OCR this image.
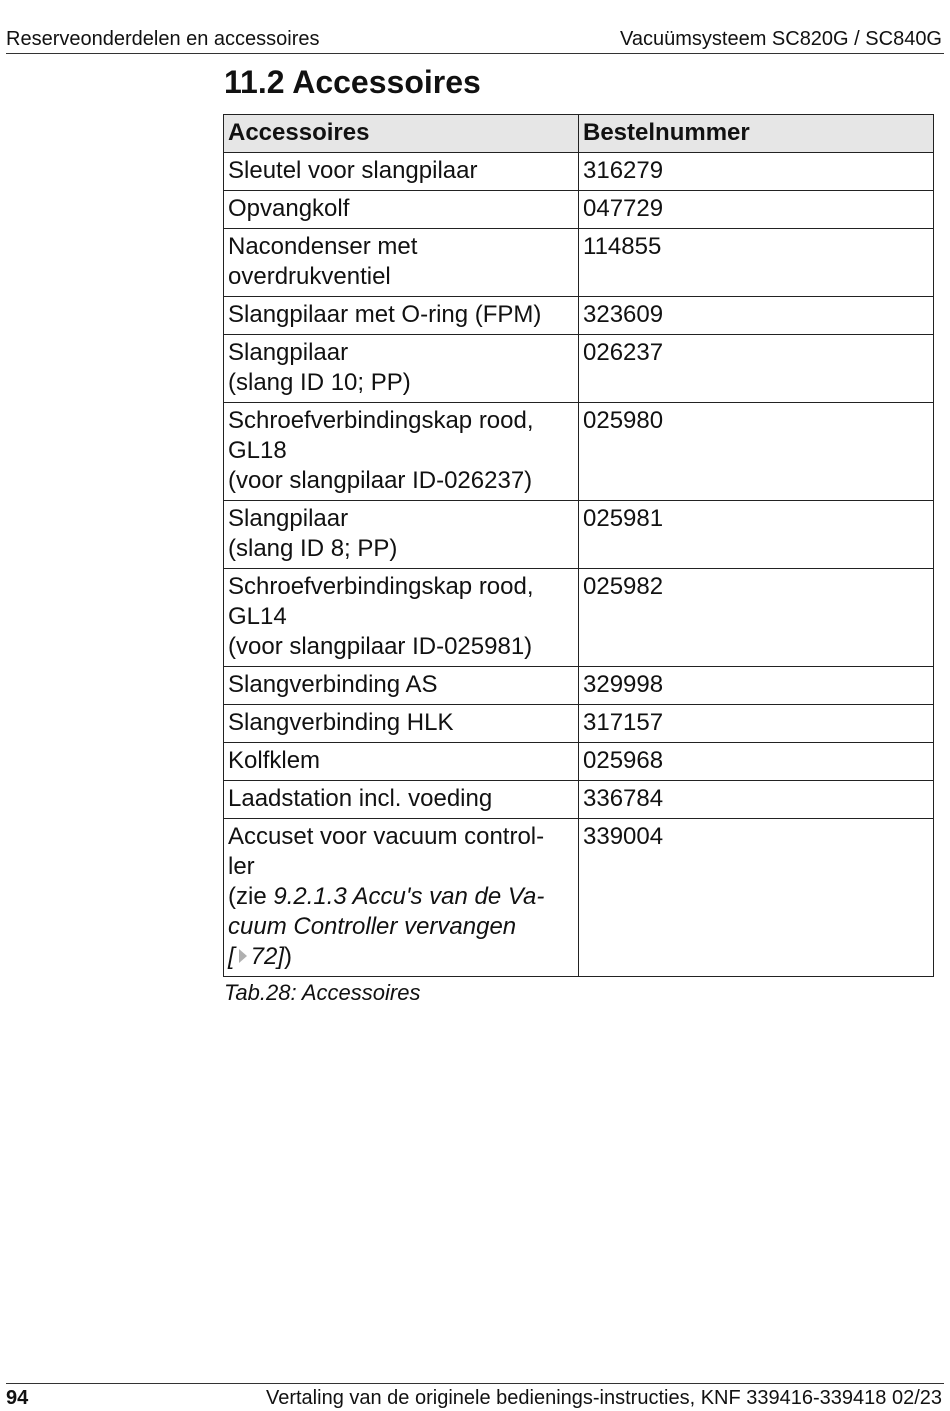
Reserveonderdelen en accessoires	Vacuümsysteem SC820G / SC840G
11.2 Accessoires
Accessoires	Bestelnummer

Sleutel voor slangpilaar	316279

Opvangkolf	047729

Nacondenser met
overdrukventiel	114855

Slangpilaar met O-ring (FPM)	323609

Slangpilaar
(slang ID 10; PP)	026237

Schroefverbindingskap rood,
GL18
(voor slangpilaar ID-026237)	025980

Slangpilaar
(slang ID 8; PP)	025981

Schroefverbindingskap rood,
GL14
(voor slangpilaar ID-025981)	025982

Slangverbinding AS	329998

Slangverbinding HLK	317157

Kolfklem	025968

Laadstation incl. voeding	336784

Accuset voor vacuum control-
ler
(zie 9.2.1.3 Accu's van de Va-
cuum Controller vervangen
[ 72])	339004
Tab.28: Accessoires
94	Vertaling van de originele bedienings-instructies, KNF 339416-339418 02/23
